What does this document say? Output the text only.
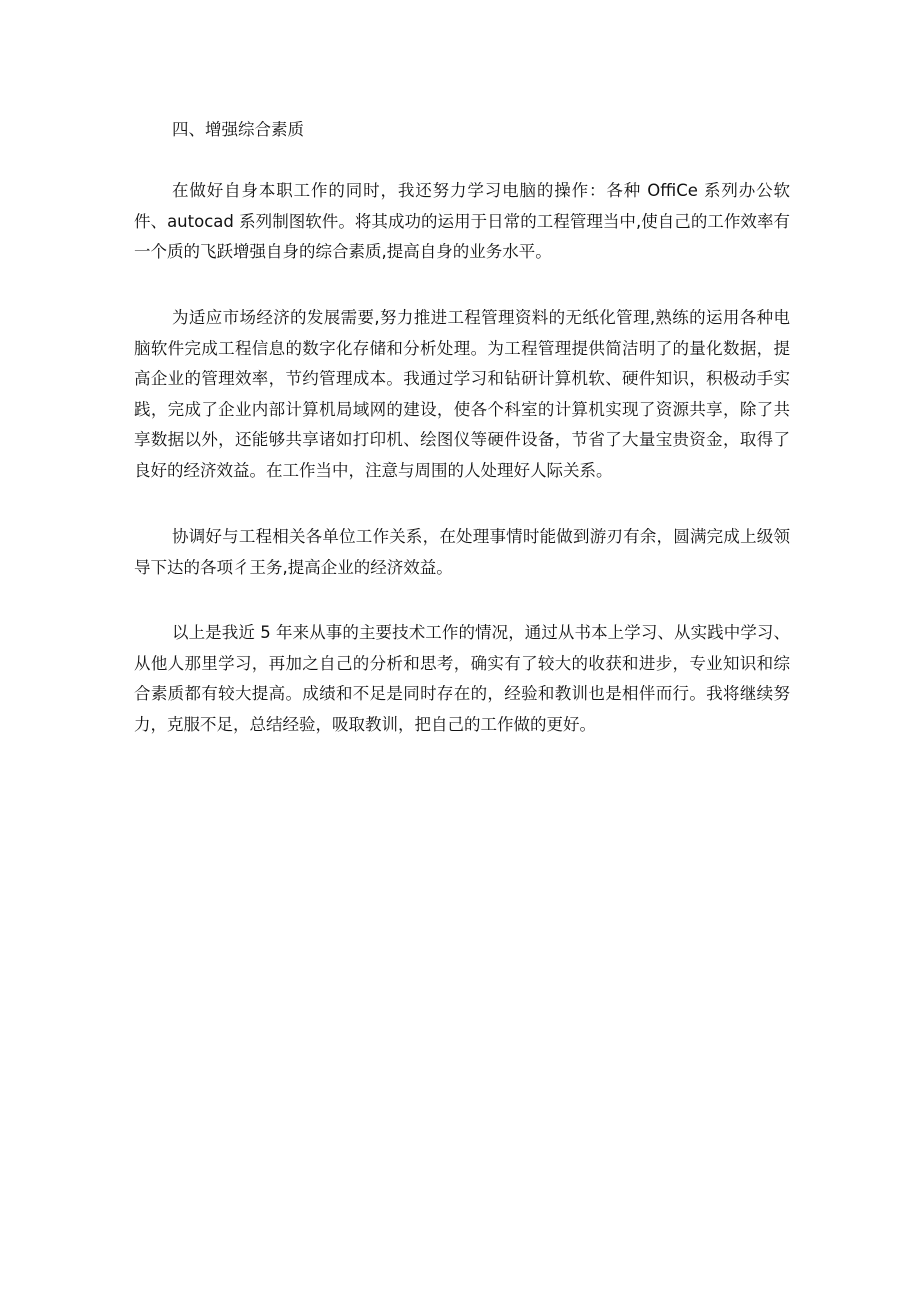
四、增强综合素质

在做好自身本职工作的同时，我还努力学习电脑的操作：各种 OffiCe 系列办公软件、autocad 系列制图软件。将其成功的运用于日常的工程管理当中,使自己的工作效率有一个质的飞跃增强自身的综合素质,提高自身的业务水平。

为适应市场经济的发展需要,努力推进工程管理资料的无纸化管理,熟练的运用各种电脑软件完成工程信息的数字化存储和分析处理。为工程管理提供简洁明了的量化数据，提高企业的管理效率，节约管理成本。我通过学习和钻研计算机软、硬件知识，积极动手实践，完成了企业内部计算机局域网的建设，使各个科室的计算机实现了资源共享，除了共享数据以外，还能够共享诸如打印机、绘图仪等硬件设备，节省了大量宝贵资金，取得了良好的经济效益。在工作当中，注意与周围的人处理好人际关系。

协调好与工程相关各单位工作关系，在处理事情时能做到游刃有余，圆满完成上级领导下达的各项彳王务,提高企业的经济效益。

以上是我近 5 年来从事的主要技术工作的情况，通过从书本上学习、从实践中学习、从他人那里学习，再加之自己的分析和思考，确实有了较大的收获和进步，专业知识和综合素质都有较大提高。成绩和不足是同时存在的，经验和教训也是相伴而行。我将继续努力，克服不足，总结经验，吸取教训，把自己的工作做的更好。
